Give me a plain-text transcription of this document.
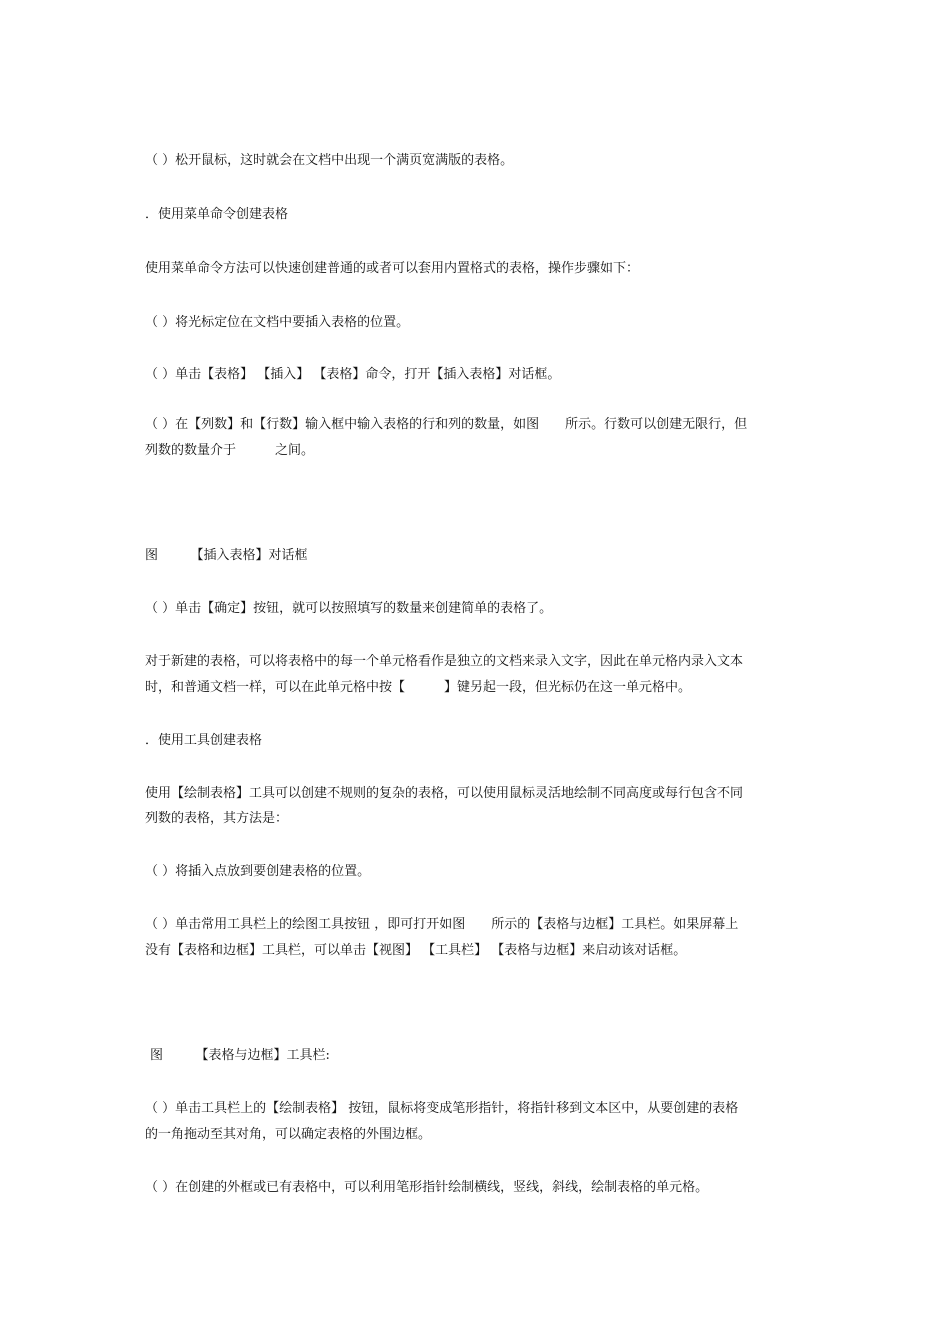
（ ）松开鼠标，这时就会在文档中出现一个满页宽满版的表格。

．使用菜单命令创建表格

使用菜单命令方法可以快速创建普通的或者可以套用内置格式的表格，操作步骤如下：

（ ）将光标定位在文档中要插入表格的位置。

（ ）单击【表格】 【插入】 【表格】命令，打开【插入表格】对话框。

（ ）在【列数】和【行数】输入框中输入表格的行和列的数量，如图　　所示。行数可以创建无限行，但

列数的数量介于　　　之间。

图　　　【插入表格】对话框

（ ）单击【确定】按钮，就可以按照填写的数量来创建简单的表格了。

对于新建的表格，可以将表格中的每一个单元格看作是独立的文档来录入文字，因此在单元格内录入文本

时，和普通文档一样，可以在此单元格中按【　　　】键另起一段，但光标仍在这一单元格中。

．使用工具创建表格

使用【绘制表格】工具可以创建不规则的复杂的表格，可以使用鼠标灵活地绘制不同高度或每行包含不同

列数的表格，其方法是：

（ ）将插入点放到要创建表格的位置。

（ ）单击常用工具栏上的绘图工具按钮 ，即可打开如图　　所示的【表格与边框】工具栏。如果屏幕上

没有【表格和边框】工具栏，可以单击【视图】 【工具栏】 【表格与边框】来启动该对话框。

图　　　【表格与边框】工具栏:

（ ）单击工具栏上的【绘制表格】 按钮，鼠标将变成笔形指针，将指针移到文本区中，从要创建的表格

的一角拖动至其对角，可以确定表格的外围边框。

（ ）在创建的外框或已有表格中，可以利用笔形指针绘制横线，竖线，斜线，绘制表格的单元格。
